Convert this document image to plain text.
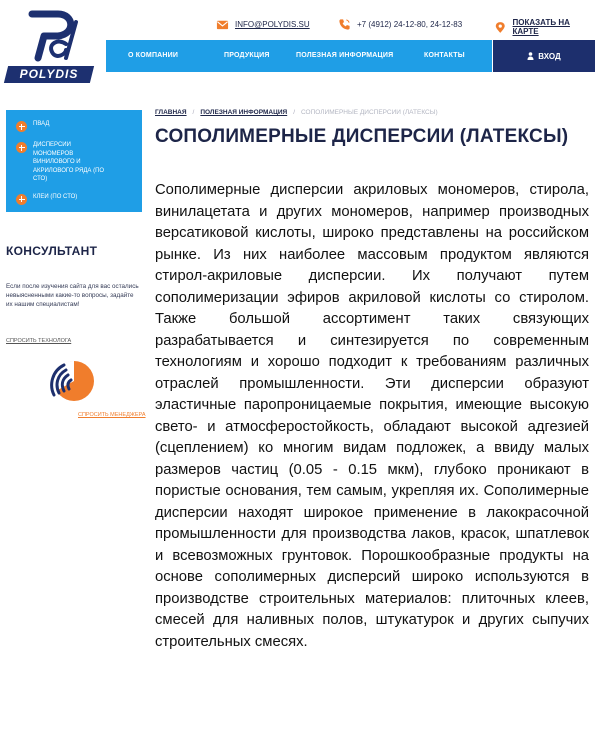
POLYDIS
INFO@POLYDIS.SU	+7 (4912) 24-12-80, 24-12-83	ПОКАЗАТЬ НА КАРТЕ
О КОМПАНИИ	ПРОДУКЦИЯ	ПОЛЕЗНАЯ ИНФОРМАЦИЯ	КОНТАКТЫ	ВХОД
ПВАД
ДИСПЕРСИИ МОНОМЕРОВ ВИНИЛОВОГО И АКРИЛОВОГО РЯДА (ПО СТО)
КЛЕИ (ПО СТО)
КОНСУЛЬТАНТ
Если после изучения сайта для вас остались невыясненными какие-то вопросы, задайте их нашим специалистам!
СПРОСИТЬ ТЕХНОЛОГА
СПРОСИТЬ МЕНЕДЖЕРА
ГЛАВНАЯ / ПОЛЕЗНАЯ ИНФОРМАЦИЯ / СОПОЛИМЕРНЫЕ ДИСПЕРСИИ (ЛАТЕКСЫ)
СОПОЛИМЕРНЫЕ ДИСПЕРСИИ (ЛАТЕКСЫ)

Сополимерные дисперсии акриловых мономеров, стирола, винилацетата и других мономеров, например производных версатиковой кислоты, широко представлены на российском рынке. Из них наиболее массовым продуктом являются стирол-акриловые дисперсии. Их получают путем сополимеризации эфиров акриловой кислоты со стиролом. Также большой ассортимент таких связующих разрабатывается и синтезируется по современным технологиям и хорошо подходит к требованиям различных отраслей промышленности. Эти дисперсии образуют эластичные паропроницаемые покрытия, имеющие высокую свето- и атмосферостойкость, обладают высокой адгезией (сцеплением) ко многим видам подложек, а ввиду малых размеров частиц (0.05 - 0.15 мкм), глубоко проникают в пористые основания, тем самым, укрепляя их. Сополимерные дисперсии находят широкое применение в лакокрасочной промышленности для производства лаков, красок, шпатлевок и всевозможных грунтовок. Порошкообразные продукты на основе сополимерных дисперсий широко используются в производстве строительных материалов: плиточных клеев, смесей для наливных полов, штукатурок и других сыпучих строительных смесях.
